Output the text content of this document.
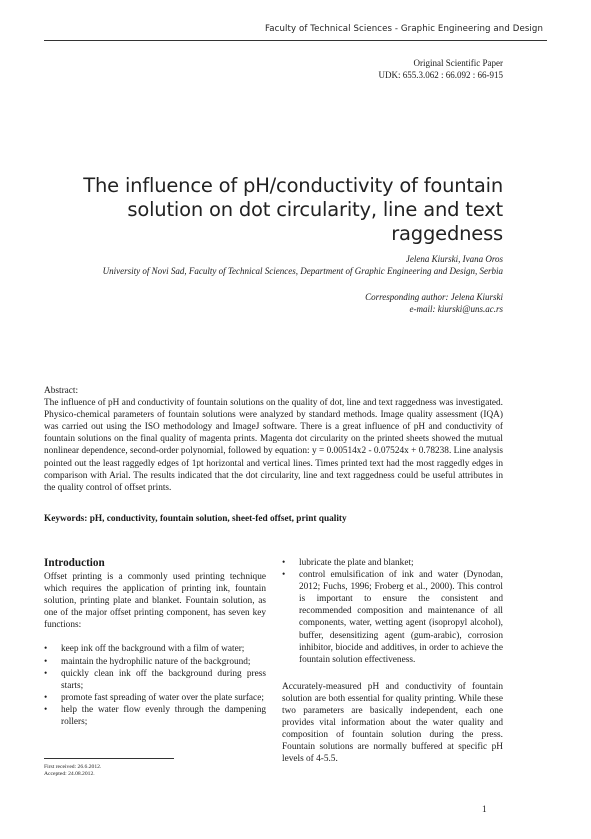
Faculty of Technical Sciences - Graphic Engineering and Design
Original Scientific Paper
UDK: 655.3.062 : 66.092 : 66-915
The influence of pH/conductivity of fountain
solution on dot circularity, line and text
raggedness
Jelena Kiurski, Ivana Oros
University of Novi Sad, Faculty of Technical Sciences, Department of Graphic Engineering and Design, Serbia
Corresponding author: Jelena Kiurski
e-mail: kiurski@uns.ac.rs

Abstract:

The influence of pH and conductivity of fountain solutions on the quality of dot, line and text raggedness was investigated. Physico-chemical parameters of fountain solutions were analyzed by standard methods. Image quality assessment (IQA) was carried out using the ISO methodology and ImageJ software. There is a great influence of pH and conductivity of fountain solutions on the final quality of magenta prints. Magenta dot circularity on the printed sheets showed the mutual nonlinear dependence, second-order polynomial, followed by equation: y = 0.00514x2 - 0.07524x + 0.78238. Line analysis pointed out the least raggedly edges of 1pt horizontal and vertical lines. Times printed text had the most raggedly edges in comparison with Arial. The results indicated that the dot circularity, line and text raggedness could be useful attributes in the quality control of offset prints.

Keywords: pH, conductivity, fountain solution, sheet-fed offset, print quality
Introduction

Offset printing is a commonly used printing technique which requires the application of printing ink, fountain solution, printing plate and blanket. Fountain solution, as one of the major offset printing component, has seven key functions:

• keep ink off the background with a film of water;
• maintain the hydrophilic nature of the background;
• quickly clean ink off the background during press starts;
• promote fast spreading of water over the plate surface;
• help the water flow evenly through the dampening rollers;
• lubricate the plate and blanket;
• control emulsification of ink and water (Dynodan, 2012; Fuchs, 1996; Froberg et al., 2000). This control is important to ensure the consistent and recommended composition and maintenance of all components, water, wetting agent (isopropyl alcohol), buffer, desensitizing agent (gum-arabic), corrosion inhibitor, biocide and additives, in order to achieve the fountain solution effectiveness.

Accurately-measured pH and conductivity of fountain solution are both essential for quality printing. While these two parameters are basically independent, each one provides vital information about the water quality and composition of fountain solution during the press. Fountain solutions are normally buffered at specific pH levels of 4-5.5.

First received: 26.6.2012.
Accepted: 24.08.2012.
1
